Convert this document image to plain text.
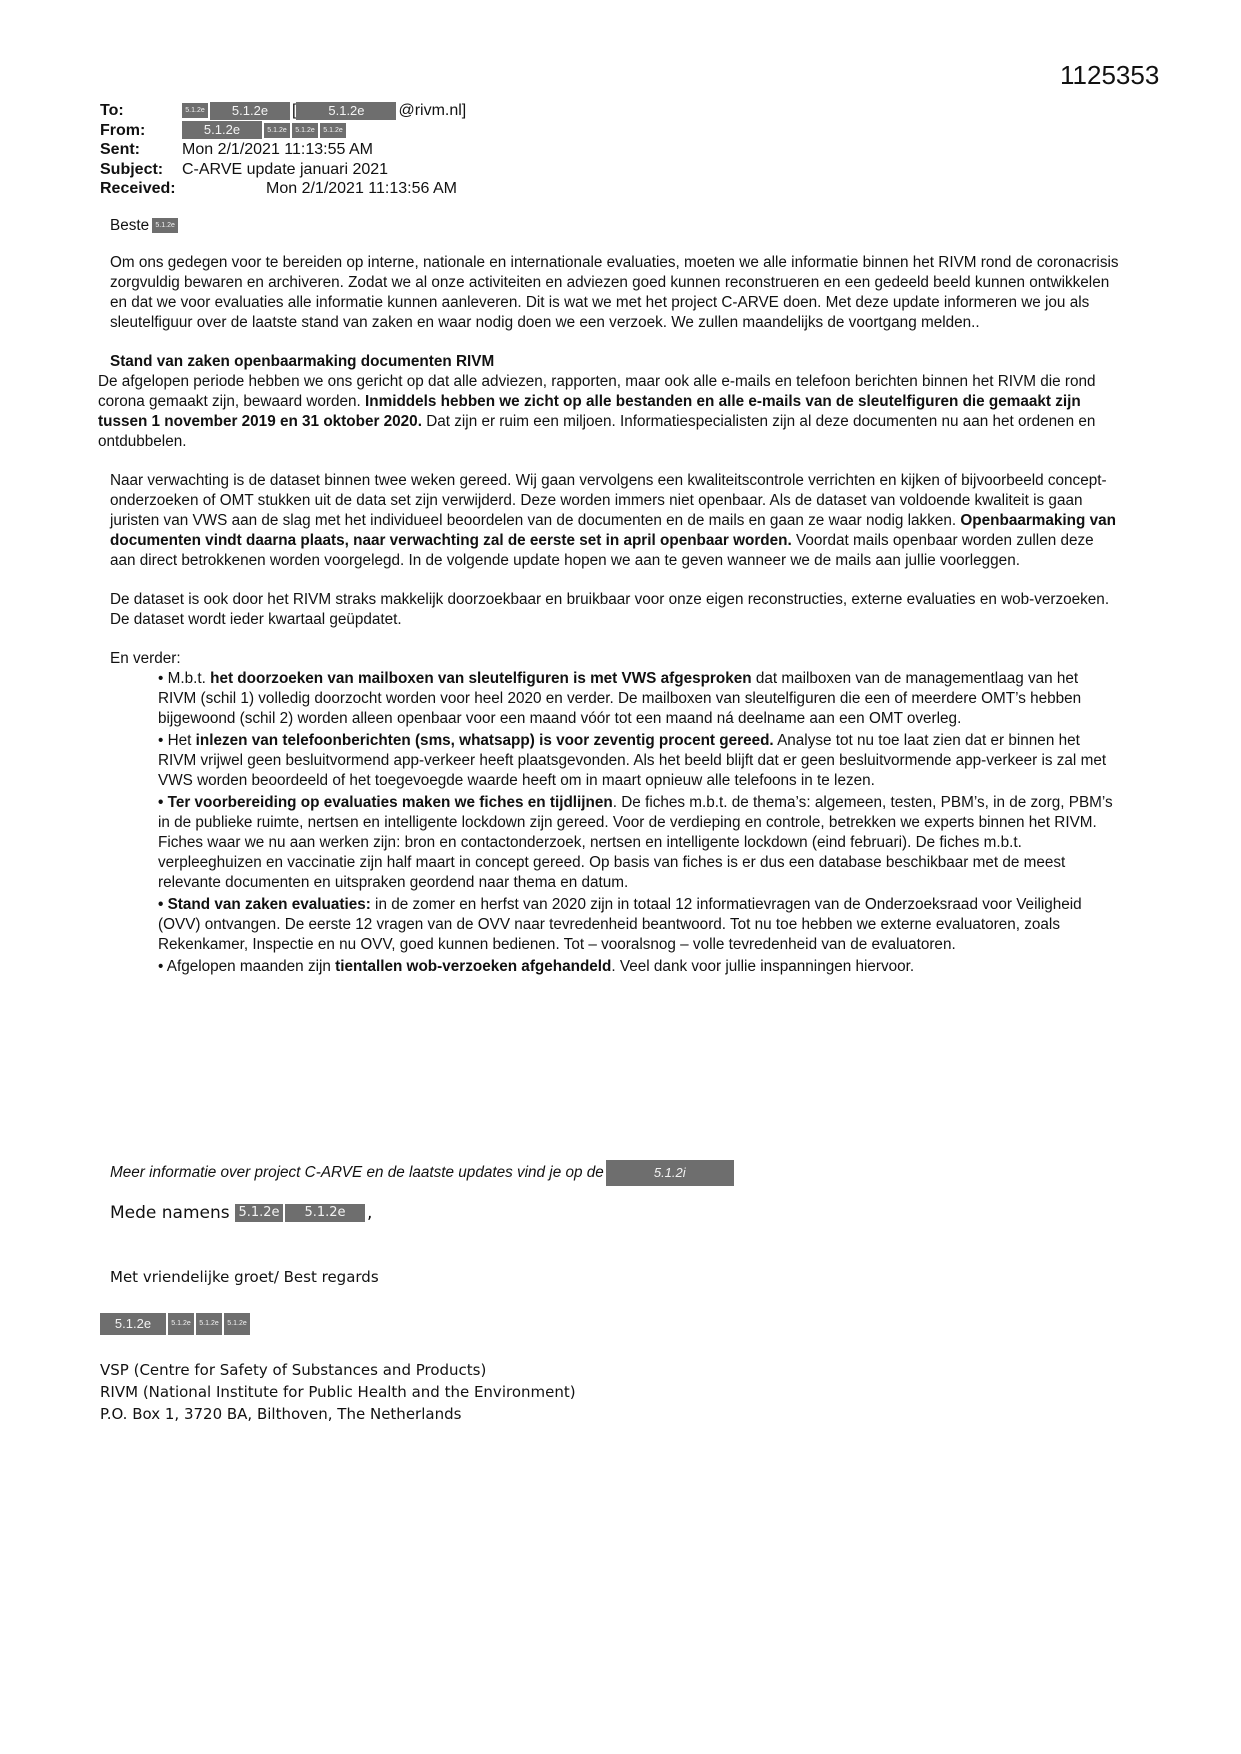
1125353
To:	5.1.2e 5.1.2e [ 5.1.2e @rivm.nl]
From:	5.1.2e	5.1.2e 5.1.2e 5.1.2e
Sent:	Mon 2/1/2021 11:13:55 AM
Subject: C-ARVE update januari 2021
Received:	Mon 2/1/2021 11:13:56 AM

Beste 5.1.2e

Om ons gedegen voor te bereiden op interne, nationale en internationale evaluaties, moeten we alle informatie binnen het RIVM rond de coronacrisis zorgvuldig bewaren en archiveren. Zodat we al onze activiteiten en adviezen goed kunnen reconstrueren en een gedeeld beeld kunnen ontwikkelen en dat we voor evaluaties alle informatie kunnen aanleveren. Dit is wat we met het project C-ARVE doen. Met deze update informeren we jou als sleutelfiguur over de laatste stand van zaken en waar nodig doen we een verzoek. We zullen maandelijks de voortgang melden..

Stand van zaken openbaarmaking documenten RIVM

De afgelopen periode hebben we ons gericht op dat alle adviezen, rapporten, maar ook alle e-mails en telefoon berichten binnen het RIVM die rond corona gemaakt zijn, bewaard worden. Inmiddels hebben we zicht op alle bestanden en alle e-mails van de sleutelfiguren die gemaakt zijn tussen 1 november 2019 en 31 oktober 2020. Dat zijn er ruim een miljoen. Informatiespecialisten zijn al deze documenten nu aan het ordenen en ontdubbelen.

Naar verwachting is de dataset binnen twee weken gereed. Wij gaan vervolgens een kwaliteitscontrole verrichten en kijken of bijvoorbeeld concept-onderzoeken of OMT stukken uit de data set zijn verwijderd. Deze worden immers niet openbaar. Als de dataset van voldoende kwaliteit is gaan juristen van VWS aan de slag met het individueel beoordelen van de documenten en de mails en gaan ze waar nodig lakken. Openbaarmaking van documenten vindt daarna plaats, naar verwachting zal de eerste set in april openbaar worden. Voordat mails openbaar worden zullen deze aan direct betrokkenen worden voorgelegd. In de volgende update hopen we aan te geven wanneer we de mails aan jullie voorleggen.

De dataset is ook door het RIVM straks makkelijk doorzoekbaar en bruikbaar voor onze eigen reconstructies, externe evaluaties en wob-verzoeken. De dataset wordt ieder kwartaal geüpdatet.

En verder:
• M.b.t. het doorzoeken van mailboxen van sleutelfiguren is met VWS afgesproken dat mailboxen van de managementlaag van het RIVM (schil 1) volledig doorzocht worden voor heel 2020 en verder. De mailboxen van sleutelfiguren die een of meerdere OMT’s hebben bijgewoond (schil 2) worden alleen openbaar voor een maand vóór tot een maand ná deelname aan een OMT overleg.
• Het inlezen van telefoonberichten (sms, whatsapp) is voor zeventig procent gereed. Analyse tot nu toe laat zien dat er binnen het RIVM vrijwel geen besluitvormend app-verkeer heeft plaatsgevonden. Als het beeld blijft dat er geen besluitvormende app-verkeer is zal met VWS worden beoordeeld of het toegevoegde waarde heeft om in maart opnieuw alle telefoons in te lezen.
• Ter voorbereiding op evaluaties maken we fiches en tijdlijnen. De fiches m.b.t. de thema’s: algemeen, testen, PBM’s, in de zorg, PBM’s in de publieke ruimte, nertsen en intelligente lockdown zijn gereed. Voor de verdieping en controle, betrekken we experts binnen het RIVM. Fiches waar we nu aan werken zijn: bron en contactonderzoek, nertsen en intelligente lockdown (eind februari). De fiches m.b.t. verpleeghuizen en vaccinatie zijn half maart in concept gereed. Op basis van fiches is er dus een database beschikbaar met de meest relevante documenten en uitspraken geordend naar thema en datum.
• Stand van zaken evaluaties: in de zomer en herfst van 2020 zijn in totaal 12 informatievragen van de Onderzoeksraad voor Veiligheid (OVV) ontvangen. De eerste 12 vragen van de OVV naar tevredenheid beantwoord. Tot nu toe hebben we externe evaluatoren, zoals Rekenkamer, Inspectie en nu OVV, goed kunnen bedienen. Tot – vooralsnog – volle tevredenheid van de evaluatoren.
• Afgelopen maanden zijn tientallen wob-verzoeken afgehandeld. Veel dank voor jullie inspanningen hiervoor.
Meer informatie over project C-ARVE en de laatste updates vind je op de	5.1.2i
Mede namens 5.1.2e 5.1.2e ,
Met vriendelijke groet/ Best regards
5.1.2e	5.1.2e 5.1.2e 5.1.2e
VSP (Centre for Safety of Substances and Products)
RIVM (National Institute for Public Health and the Environment)
P.O. Box 1, 3720 BA, Bilthoven, The Netherlands
